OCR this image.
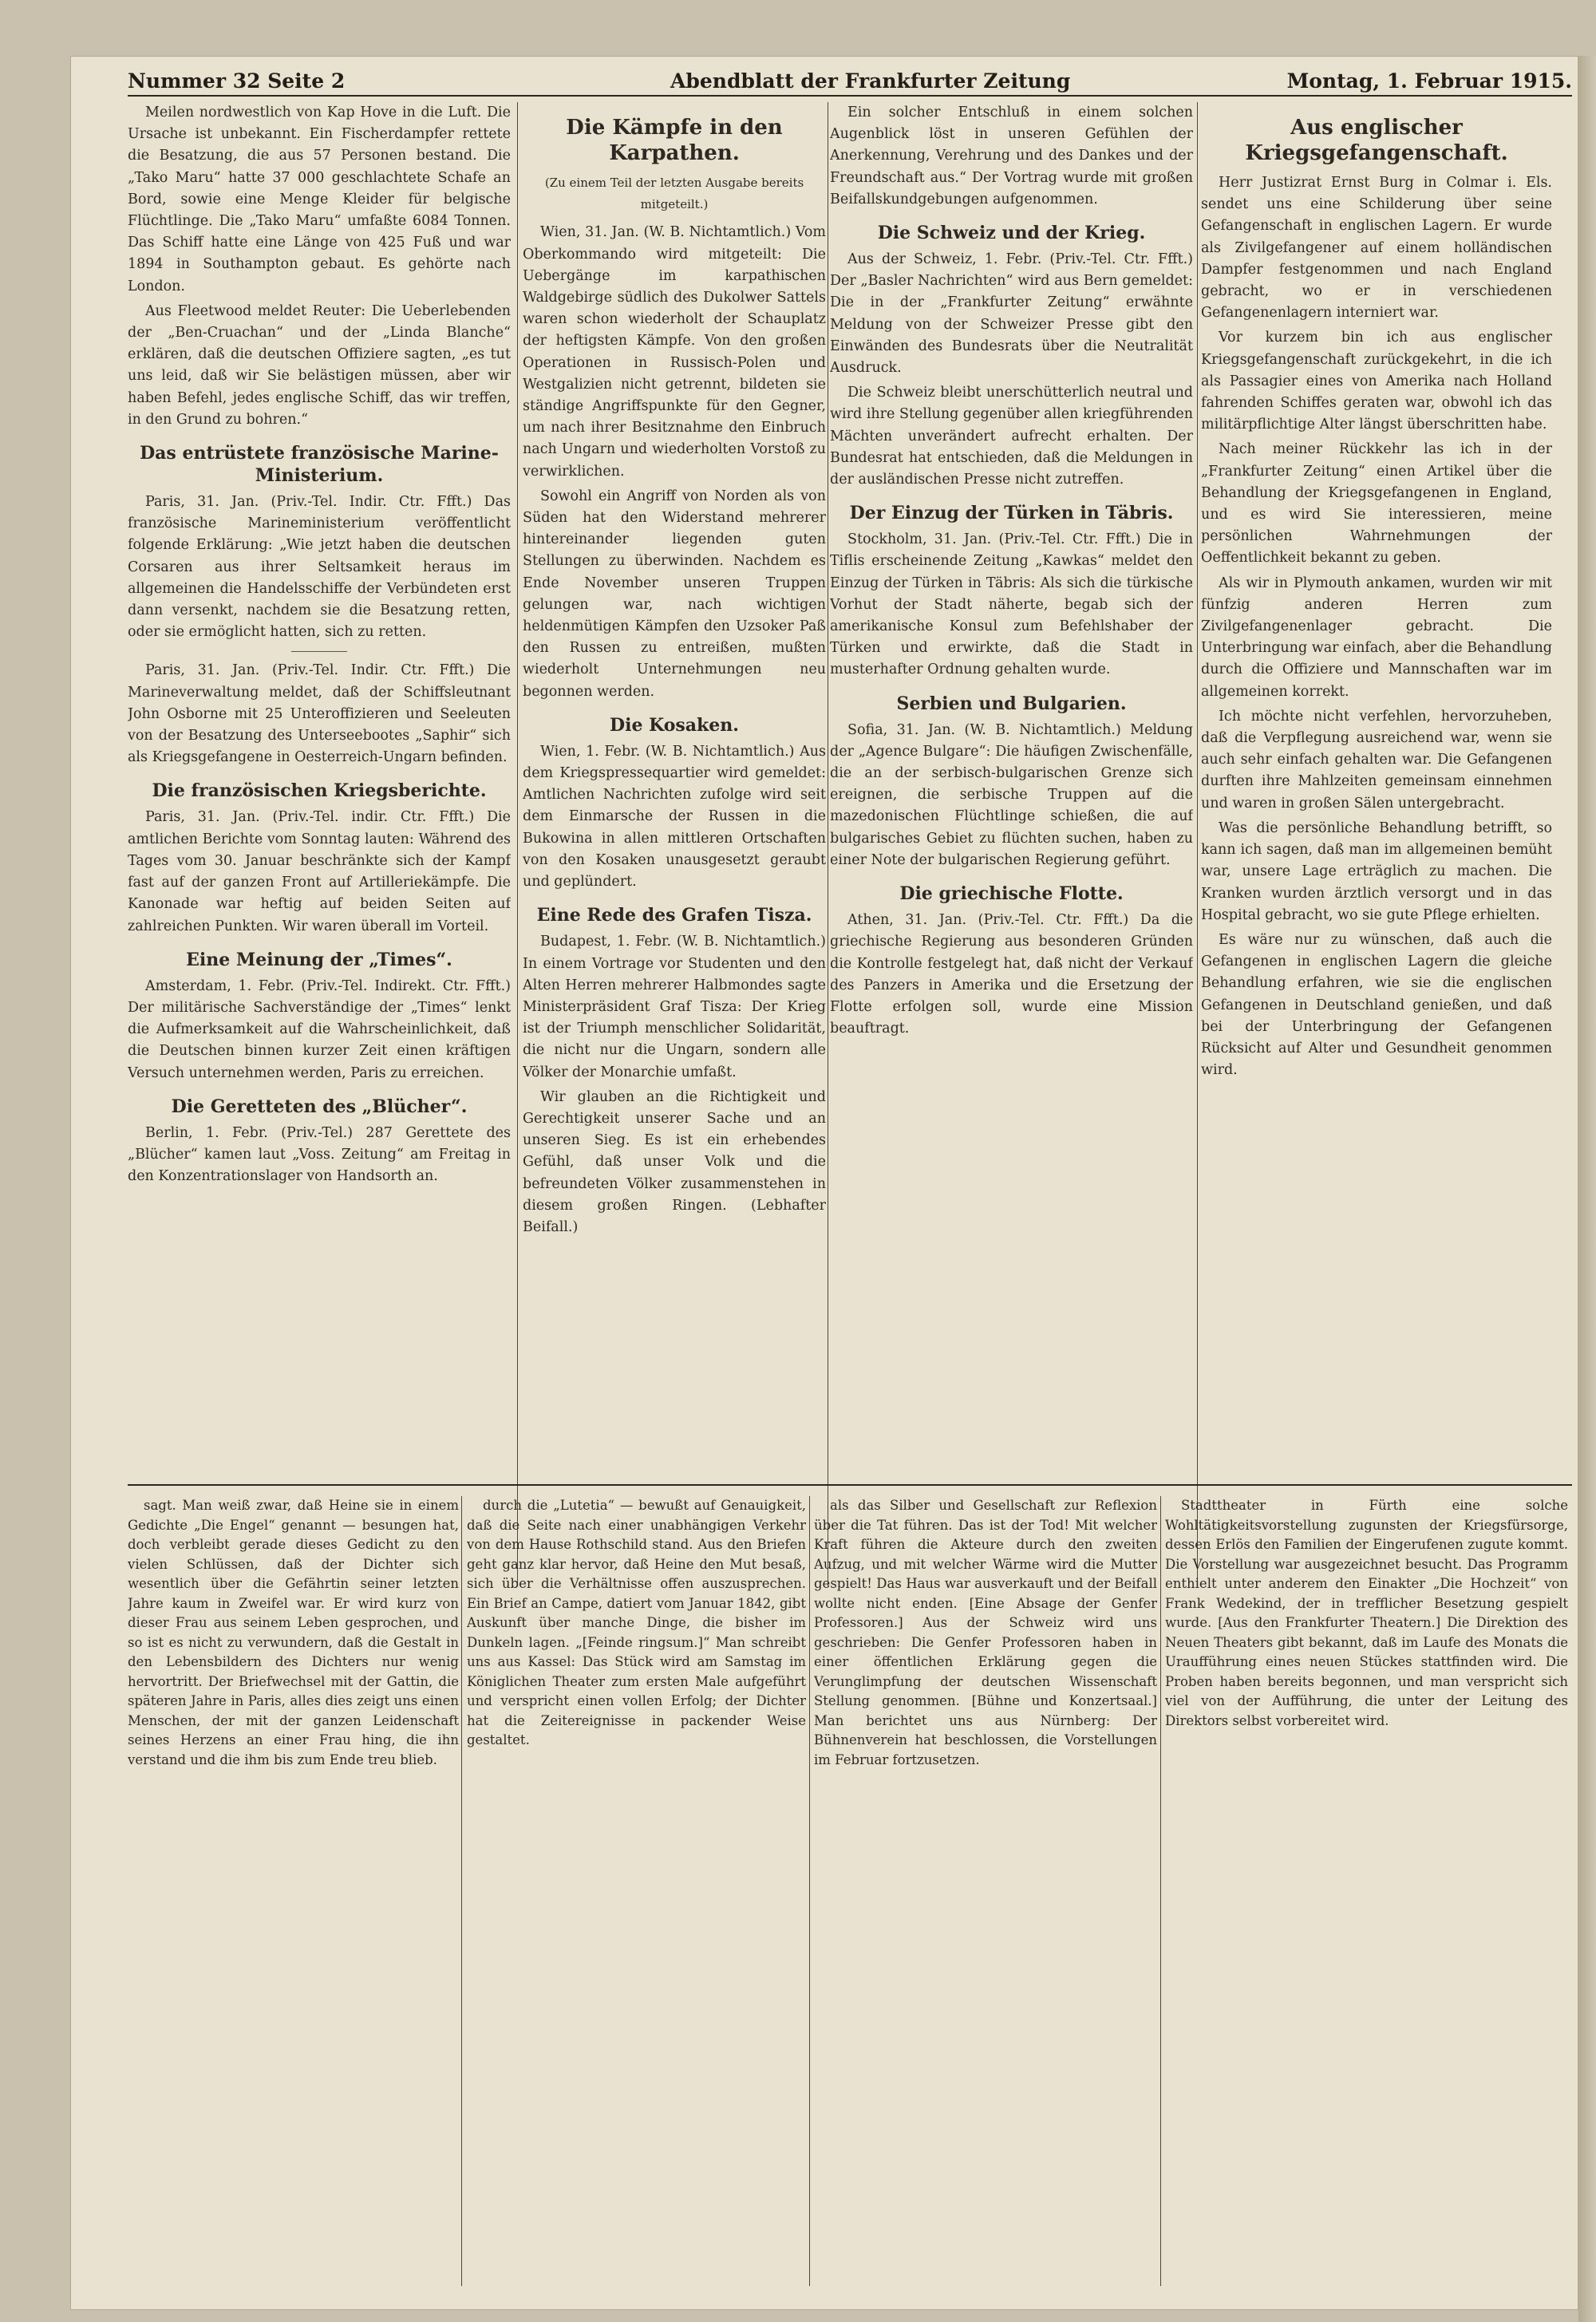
Nummer 32 Seite 2	Abendblatt der Frankfurter Zeitung	Montag, 1. Februar 1915.

Meilen nordwestlich von Kap Hove in die Luft. Die Ursache ist unbekannt. Ein Fischerdampfer rettete die Besatzung, die aus 57 Personen bestand. Die „Tako Maru“ hatte 37 000 geschlachtete Schafe an Bord, sowie eine Menge Kleider für belgische Flüchtlinge. Die „Tako Maru“ umfaßte 6084 Tonnen. Das Schiff hatte eine Länge von 425 Fuß und war 1894 in Southampton gebaut. Es gehörte nach London.

Aus Fleetwood meldet Reuter: Die Ueberlebenden der „Ben-Cruachan“ und der „Linda Blanche“ erklären, daß die deutschen Offiziere sagten, „es tut uns leid, daß wir Sie belästigen müssen, aber wir haben Befehl, jedes englische Schiff, das wir treffen, in den Grund zu bohren.“

Das entrüstete französische Marine-Ministerium.

Paris, 31. Jan. (Priv.-Tel. Indir. Ctr. Ffft.) Das französische Marineministerium veröffentlicht folgende Erklärung: „Wie jetzt haben die deutschen Corsaren aus ihrer Seltsamkeit heraus im allgemeinen die Handelsschiffe der Verbündeten erst dann versenkt, nachdem sie die Besatzung retten, oder sie ermöglicht hatten, sich zu retten.

Paris, 31. Jan. (Priv.-Tel. Indir. Ctr. Ffft.) Die Marineverwaltung meldet, daß der Schiffsleutnant John Osborne mit 25 Unteroffizieren und Seeleuten von der Besatzung des Unterseebootes „Saphir“ sich als Kriegsgefangene in Oesterreich-Ungarn befinden.

Die französischen Kriegsberichte.

Paris, 31. Jan. (Priv.-Tel. indir. Ctr. Ffft.) Die amtlichen Berichte vom Sonntag lauten: Während des Tages vom 30. Januar beschränkte sich der Kampf fast auf der ganzen Front auf Artilleriekämpfe. Die Kanonade war heftig auf beiden Seiten auf zahlreichen Punkten. Wir waren überall im Vorteil.

Eine Meinung der „Times“.

Amsterdam, 1. Febr. (Priv.-Tel. Indirekt. Ctr. Ffft.) Der militärische Sachverständige der „Times“ lenkt die Aufmerksamkeit auf die Wahrscheinlichkeit, daß die Deutschen binnen kurzer Zeit einen kräftigen Versuch unternehmen werden, Paris zu erreichen.

Die Geretteten des „Blücher“.

Berlin, 1. Febr. (Priv.-Tel.) 287 Gerettete des „Blücher“ kamen laut „Voss. Zeitung“ am Freitag in den Konzentrationslager von Handsorth an.

Die Kämpfe in den Karpathen.
(Zu einem Teil der letzten Ausgabe bereits mitgeteilt.)

Wien, 31. Jan. (W. B. Nichtamtlich.) Vom Oberkommando wird mitgeteilt: Die Uebergänge im karpathischen Waldgebirge südlich des Dukolwer Sattels waren schon wiederholt der Schauplatz der heftigsten Kämpfe. Von den großen Operationen in Russisch-Polen und Westgalizien nicht getrennt, bildeten sie ständige Angriffspunkte für den Gegner, um nach ihrer Besitznahme den Einbruch nach Ungarn und wiederholten Vorstoß zu verwirklichen.

Sowohl ein Angriff von Norden als von Süden hat den Widerstand mehrerer hintereinander liegenden guten Stellungen zu überwinden. Nachdem es Ende November unseren Truppen gelungen war, nach wichtigen heldenmütigen Kämpfen den Uzsoker Paß den Russen zu entreißen, mußten wiederholt Unternehmungen neu begonnen werden.

Die Kosaken.

Wien, 1. Febr. (W. B. Nichtamtlich.) Aus dem Kriegspressequartier wird gemeldet: Amtlichen Nachrichten zufolge wird seit dem Einmarsche der Russen in die Bukowina in allen mittleren Ortschaften von den Kosaken unausgesetzt geraubt und geplündert.

Eine Rede des Grafen Tisza.

Budapest, 1. Febr. (W. B. Nichtamtlich.) In einem Vortrage vor Studenten und den Alten Herren mehrerer Halbmondes sagte Ministerpräsident Graf Tisza: Der Krieg ist der Triumph menschlicher Solidarität, die nicht nur die Ungarn, sondern alle Völker der Monarchie umfaßt.

Wir glauben an die Richtigkeit und Gerechtigkeit unserer Sache und an unseren Sieg. Es ist ein erhebendes Gefühl, daß unser Volk und die befreundeten Völker zusammenstehen in diesem großen Ringen. (Lebhafter Beifall.)

Ein solcher Entschluß in einem solchen Augenblick löst in unseren Gefühlen der Anerkennung, Verehrung und des Dankes und der Freundschaft aus.“ Der Vortrag wurde mit großen Beifallskundgebungen aufgenommen.

Die Schweiz und der Krieg.

Aus der Schweiz, 1. Febr. (Priv.-Tel. Ctr. Ffft.) Der „Basler Nachrichten“ wird aus Bern gemeldet: Die in der „Frankfurter Zeitung“ erwähnte Meldung von der Schweizer Presse gibt den Einwänden des Bundesrats über die Neutralität Ausdruck.

Die Schweiz bleibt unerschütterlich neutral und wird ihre Stellung gegenüber allen kriegführenden Mächten unverändert aufrecht erhalten. Der Bundesrat hat entschieden, daß die Meldungen in der ausländischen Presse nicht zutreffen.

Der Einzug der Türken in Täbris.

Stockholm, 31. Jan. (Priv.-Tel. Ctr. Ffft.) Die in Tiflis erscheinende Zeitung „Kawkas“ meldet den Einzug der Türken in Täbris: Als sich die türkische Vorhut der Stadt näherte, begab sich der amerikanische Konsul zum Befehlshaber der Türken und erwirkte, daß die Stadt in musterhafter Ordnung gehalten wurde.

Serbien und Bulgarien.

Sofia, 31. Jan. (W. B. Nichtamtlich.) Meldung der „Agence Bulgare“: Die häufigen Zwischenfälle, die an der serbisch-bulgarischen Grenze sich ereignen, die serbische Truppen auf die mazedonischen Flüchtlinge schießen, die auf bulgarisches Gebiet zu flüchten suchen, haben zu einer Note der bulgarischen Regierung geführt.

Die griechische Flotte.

Athen, 31. Jan. (Priv.-Tel. Ctr. Ffft.) Da die griechische Regierung aus besonderen Gründen die Kontrolle festgelegt hat, daß nicht der Verkauf des Panzers in Amerika und die Ersetzung der Flotte erfolgen soll, wurde eine Mission beauftragt.

Aus englischer Kriegsgefangenschaft.

Herr Justizrat Ernst Burg in Colmar i. Els. sendet uns eine Schilderung über seine Gefangenschaft in englischen Lagern. Er wurde als Zivilgefangener auf einem holländischen Dampfer festgenommen und nach England gebracht, wo er in verschiedenen Gefangenenlagern interniert war.

Vor kurzem bin ich aus englischer Kriegsgefangenschaft zurückgekehrt, in die ich als Passagier eines von Amerika nach Holland fahrenden Schiffes geraten war, obwohl ich das militärpflichtige Alter längst überschritten habe.

Nach meiner Rückkehr las ich in der „Frankfurter Zeitung“ einen Artikel über die Behandlung der Kriegsgefangenen in England, und es wird Sie interessieren, meine persönlichen Wahrnehmungen der Oeffentlichkeit bekannt zu geben.

Als wir in Plymouth ankamen, wurden wir mit fünfzig anderen Herren zum Zivilgefangenenlager gebracht. Die Unterbringung war einfach, aber die Behandlung durch die Offiziere und Mannschaften war im allgemeinen korrekt.

Ich möchte nicht verfehlen, hervorzuheben, daß die Verpflegung ausreichend war, wenn sie auch sehr einfach gehalten war. Die Gefangenen durften ihre Mahlzeiten gemeinsam einnehmen und waren in großen Sälen untergebracht.

Was die persönliche Behandlung betrifft, so kann ich sagen, daß man im allgemeinen bemüht war, unsere Lage erträglich zu machen. Die Kranken wurden ärztlich versorgt und in das Hospital gebracht, wo sie gute Pflege erhielten.

Es wäre nur zu wünschen, daß auch die Gefangenen in englischen Lagern die gleiche Behandlung erfahren, wie sie die englischen Gefangenen in Deutschland genießen, und daß bei der Unterbringung der Gefangenen Rücksicht auf Alter und Gesundheit genommen wird.

sagt. Man weiß zwar, daß Heine sie in einem Gedichte „Die Engel“ genannt — besungen hat, doch verbleibt gerade dieses Gedicht zu den vielen Schlüssen, daß der Dichter sich wesentlich über die Gefährtin seiner letzten Jahre kaum in Zweifel war. Er wird kurz von dieser Frau aus seinem Leben gesprochen, und so ist es nicht zu verwundern, daß die Gestalt in den Lebensbildern des Dichters nur wenig hervortritt. Der Briefwechsel mit der Gattin, die späteren Jahre in Paris, alles dies zeigt uns einen Menschen, der mit der ganzen Leidenschaft seines Herzens an einer Frau hing, die ihn verstand und die ihm bis zum Ende treu blieb.

durch die „Lutetia“ — bewußt auf Genauigkeit, daß die Seite nach einer unabhängigen Verkehr von dem Hause Rothschild stand. Aus den Briefen geht ganz klar hervor, daß Heine den Mut besaß, sich über die Verhältnisse offen auszusprechen. Ein Brief an Campe, datiert vom Januar 1842, gibt Auskunft über manche Dinge, die bisher im Dunkeln lagen. „[Feinde ringsum.]“ Man schreibt uns aus Kassel: Das Stück wird am Samstag im Königlichen Theater zum ersten Male aufgeführt und verspricht einen vollen Erfolg; der Dichter hat die Zeitereignisse in packender Weise gestaltet.

als das Silber und Gesellschaft zur Reflexion über die Tat führen. Das ist der Tod! Mit welcher Kraft führen die Akteure durch den zweiten Aufzug, und mit welcher Wärme wird die Mutter gespielt! Das Haus war ausverkauft und der Beifall wollte nicht enden. [Eine Absage der Genfer Professoren.] Aus der Schweiz wird uns geschrieben: Die Genfer Professoren haben in einer öffentlichen Erklärung gegen die Verunglimpfung der deutschen Wissenschaft Stellung genommen. [Bühne und Konzertsaal.] Man berichtet uns aus Nürnberg: Der Bühnenverein hat beschlossen, die Vorstellungen im Februar fortzusetzen.

Stadttheater in Fürth eine solche Wohltätigkeitsvorstellung zugunsten der Kriegsfürsorge, dessen Erlös den Familien der Eingerufenen zugute kommt. Die Vorstellung war ausgezeichnet besucht. Das Programm enthielt unter anderem den Einakter „Die Hochzeit“ von Frank Wedekind, der in trefflicher Besetzung gespielt wurde. [Aus den Frankfurter Theatern.] Die Direktion des Neuen Theaters gibt bekannt, daß im Laufe des Monats die Uraufführung eines neuen Stückes stattfinden wird. Die Proben haben bereits begonnen, und man verspricht sich viel von der Aufführung, die unter der Leitung des Direktors selbst vorbereitet wird.
